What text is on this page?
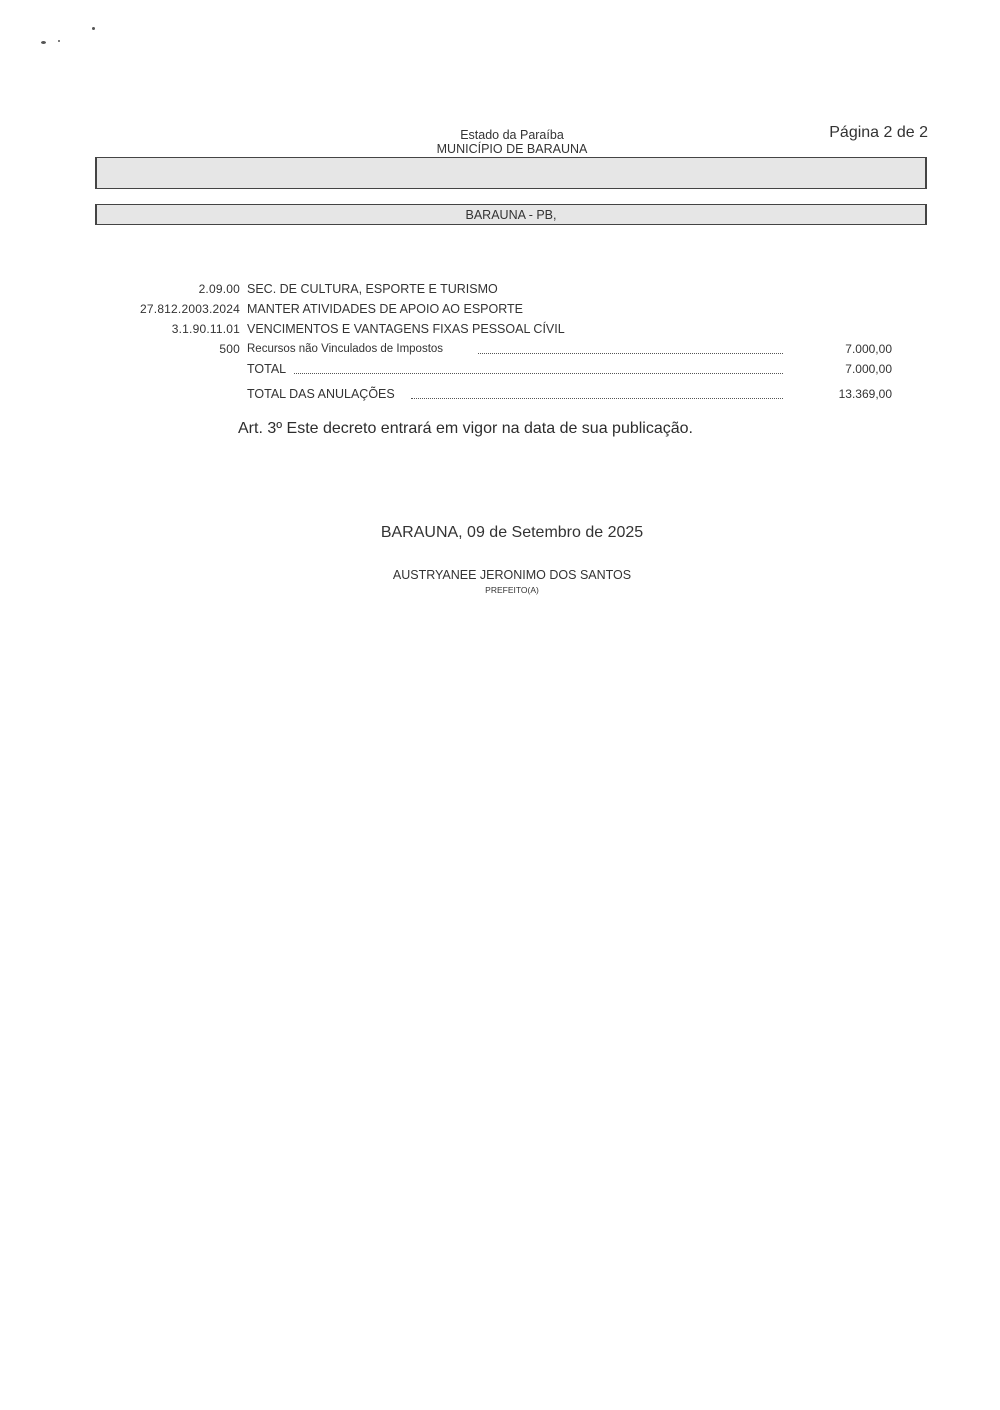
Estado da Paraíba
MUNICÍPIO DE BARAUNA
Página 2 de 2
BARAUNA - PB,
2.09.00 SEC. DE CULTURA, ESPORTE E TURISMO
27.812.2003.2024 MANTER ATIVIDADES DE APOIO AO ESPORTE
3.1.90.11.01 VENCIMENTOS E VANTAGENS FIXAS PESSOAL CÍVIL
500 Recursos não Vinculados de Impostos	7.000,00
TOTAL	7.000,00
TOTAL DAS ANULAÇÕES	13.369,00
Art. 3º Este decreto entrará em vigor na data de sua publicação.
BARAUNA, 09 de Setembro de 2025
AUSTRYANEE JERONIMO DOS SANTOS
PREFEITO(A)
